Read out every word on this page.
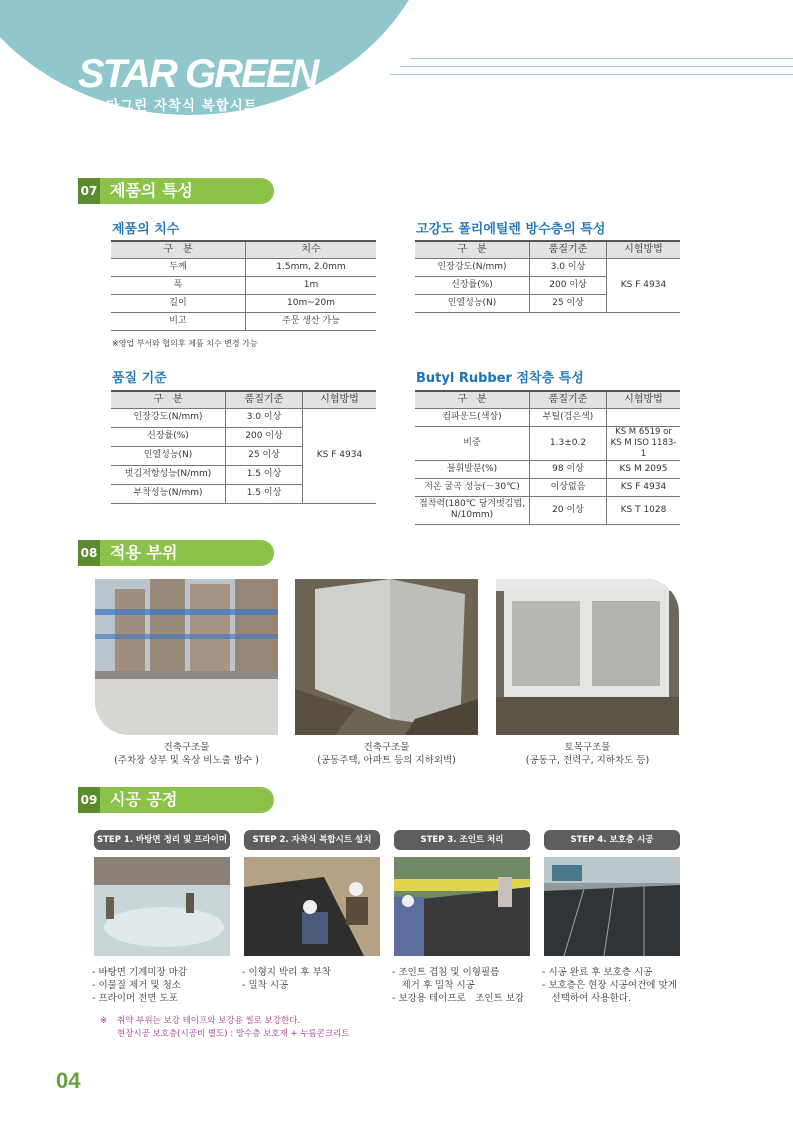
STAR GREEN
스타그린 자착식 복합시트
07 제품의 특성
제품의 치수
구　분	치수
두께	1.5mm, 2.0mm
폭	1m
길이	10m~20m
비고	주문 생산 가능
※영업 부서와 협의후 제품 치수 변경 가능
고강도 폴리에틸렌 방수층의 특성
구　분	품질기준	시험방법
인장강도(N/mm)	3.0 이상	KS F 4934
신장률(%)	200 이상	
인열성능(N)	25 이상	
품질 기준
구　분	품질기준	시험방법
인장강도(N/mm)	3.0 이상	KS F 4934
신장률(%)	200 이상	
인열성능(N)	25 이상	
벗김저항성능(N/mm)	1.5 이상	
부착성능(N/mm)	1.5 이상	
Butyl Rubber 점착층 특성
구　분	품질기준	시험방법
컴파운드(색상)	부틸(검은색)	
비중	1.3±0.2	KS M 6519 or KS M ISO 1183-1
불휘발분(%)	98 이상	KS M 2095
저온 굴곡 성능(－30℃)	이상없음	KS F 4934
점착력(180℃ 당겨벗김법, N/10mm)	20 이상	KS T 1028
08 적용 부위
건축구조물
(주차장 상부 및 옥상 비노출 방수 )
건축구조물
(공동주택, 아파트 등의 지하외벽)
토목구조물
(공동구, 전력구, 지하차도 등)
09 시공 공정
STEP 1. 바탕면 정리 및 프라이머	STEP 2. 자착식 복합시트 설치	STEP 3. 조인트 처리	STEP 4. 보호층 시공
- 바탕면 기계미장 마감
- 이물질 제거 및 청소
- 프라이머 전면 도포
- 이형지 박리 후 부착
- 밀착 시공
- 조인트 겹침 및 이형필름
　제거 후 밀착 시공
- 보강용 테이프로　조인트 보강
- 시공 완료 후 보호층 시공
- 보호층은 현장 시공여건에 맞게
　선택하여 사용한다.
※ 취약 부위는 보강 테이프와 보강용 씰로 보강한다.
현장시공 보호층(시공비 별도) : 방수층 보호재 + 누름콘크리트
04
